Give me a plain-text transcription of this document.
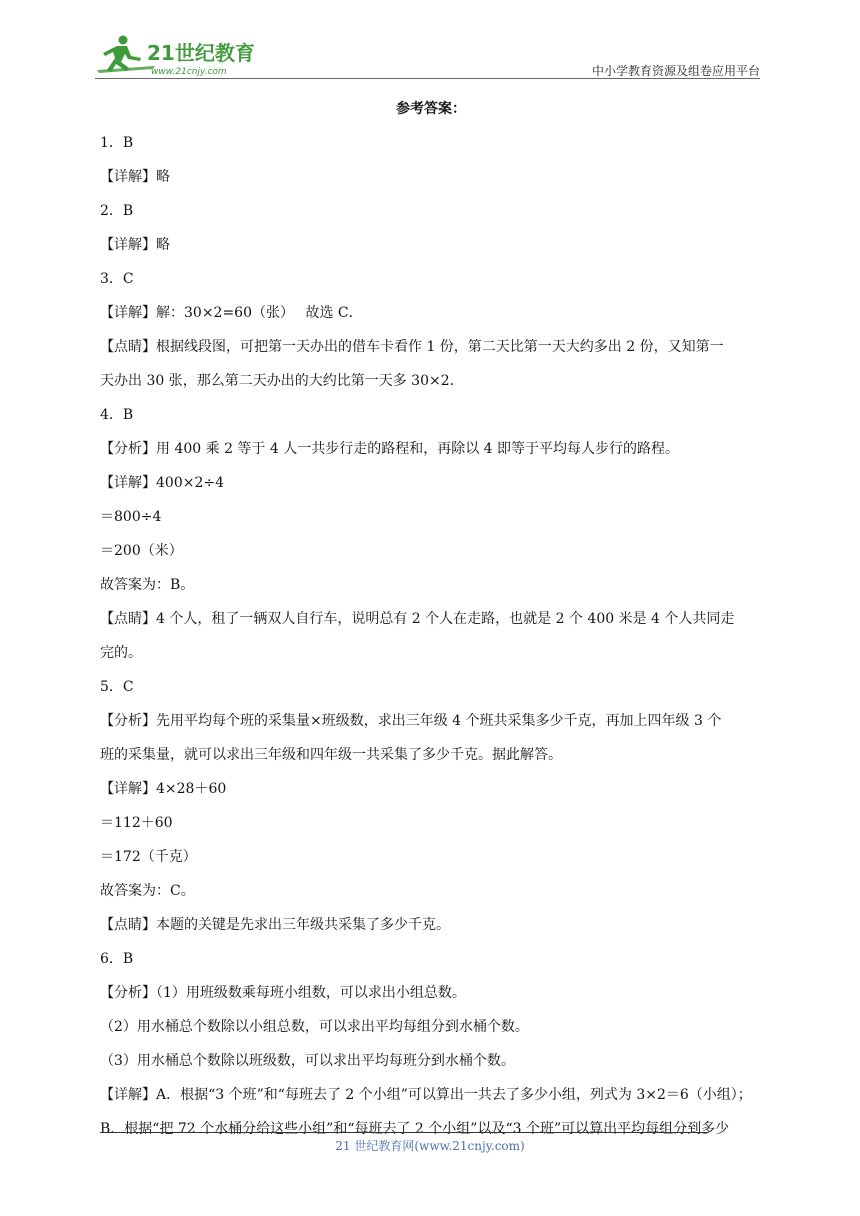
21世纪教育
www.21cnjy.com	中小学教育资源及组卷应用平台
参考答案：
1．B
【详解】略
2．B
【详解】略
3．C
【详解】解：30×2=60（张）　 故选 C．
【点睛】根据线段图，可把第一天办出的借车卡看作 1 份，第二天比第一天大约多出 2 份，又知第一
天办出 30 张，那么第二天办出的大约比第一天多 30×2．
4．B
【分析】用 400 乘 2 等于 4 人一共步行走的路程和，再除以 4 即等于平均每人步行的路程。
【详解】400×2÷4
＝800÷4
＝200（米）
故答案为：B。
【点睛】4 个人，租了一辆双人自行车，说明总有 2 个人在走路，也就是 2 个 400 米是 4 个人共同走
完的。
5．C
【分析】先用平均每个班的采集量×班级数，求出三年级 4 个班共采集多少千克，再加上四年级 3 个
班的采集量，就可以求出三年级和四年级一共采集了多少千克。据此解答。
【详解】4×28＋60
＝112＋60
＝172（千克）
故答案为：C。
【点睛】本题的关键是先求出三年级共采集了多少千克。
6．B
【分析】（1）用班级数乘每班小组数，可以求出小组总数。
（2）用水桶总个数除以小组总数，可以求出平均每组分到水桶个数。
（3）用水桶总个数除以班级数，可以求出平均每班分到水桶个数。
【详解】A．根据“3 个班”和“每班去了 2 个小组”可以算出一共去了多少小组，列式为 3×2＝6（小组）；
B．根据“把 72 个水桶分给这些小组”和“每班去了 2 个小组”以及“3 个班”可以算出平均每组分到多少
21 世纪教育网(www.21cnjy.com)
